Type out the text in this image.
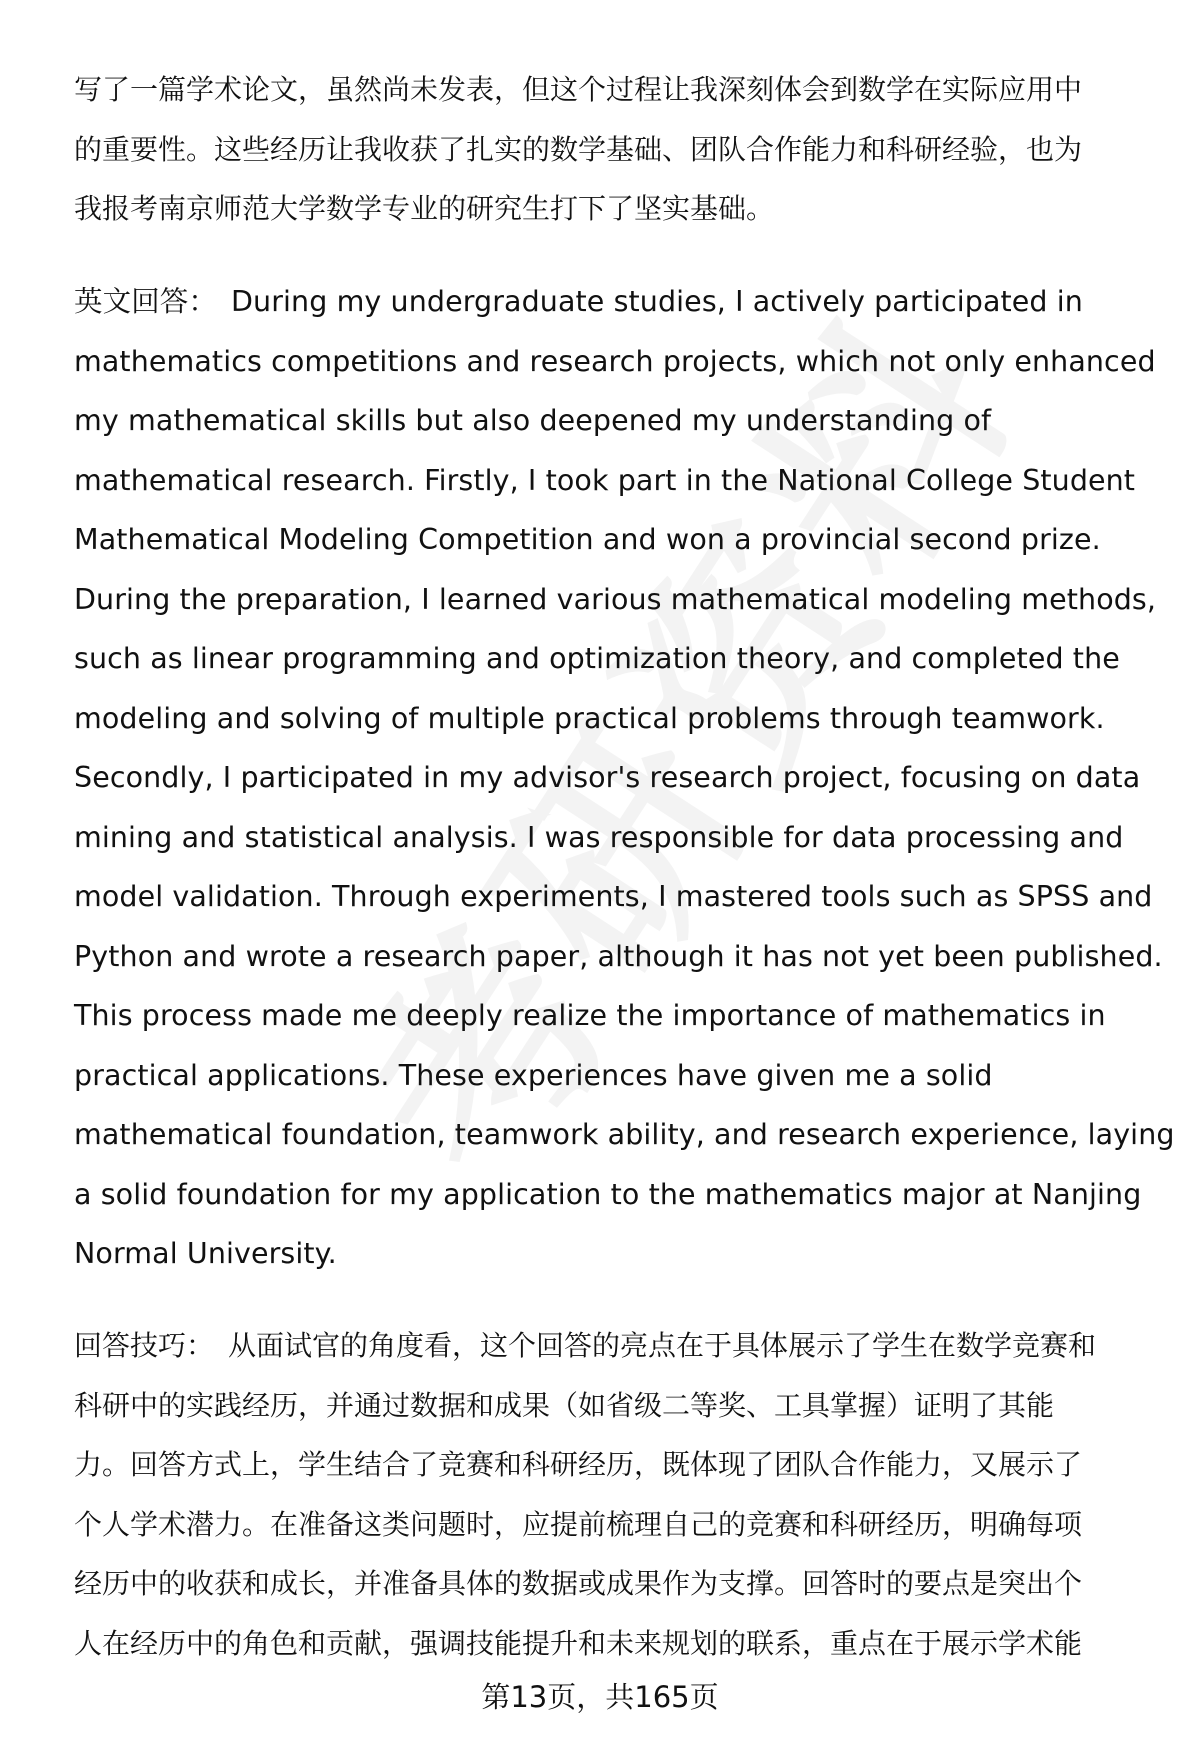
写了一篇学术论文，虽然尚未发表，但这个过程让我深刻体会到数学在实际应用中
的重要性。这些经历让我收获了扎实的数学基础、团队合作能力和科研经验，也为
我报考南京师范大学数学专业的研究生打下了坚实基础。
英文回答： During my undergraduate studies, I actively participated in
mathematics competitions and research projects, which not only enhanced
my mathematical skills but also deepened my understanding of
mathematical research. Firstly, I took part in the National College Student
Mathematical Modeling Competition and won a provincial second prize.
During the preparation, I learned various mathematical modeling methods,
such as linear programming and optimization theory, and completed the
modeling and solving of multiple practical problems through teamwork.
Secondly, I participated in my advisor's research project, focusing on data
mining and statistical analysis. I was responsible for data processing and
model validation. Through experiments, I mastered tools such as SPSS and
Python and wrote a research paper, although it has not yet been published.
This process made me deeply realize the importance of mathematics in
practical applications. These experiences have given me a solid
mathematical foundation, teamwork ability, and research experience, laying
a solid foundation for my application to the mathematics major at Nanjing
Normal University.
回答技巧： 从面试官的角度看，这个回答的亮点在于具体展示了学生在数学竞赛和
科研中的实践经历，并通过数据和成果（如省级二等奖、工具掌握）证明了其能
力。回答方式上，学生结合了竞赛和科研经历，既体现了团队合作能力，又展示了
个人学术潜力。在准备这类问题时，应提前梳理自己的竞赛和科研经历，明确每项
经历中的收获和成长，并准备具体的数据或成果作为支撑。回答时的要点是突出个
人在经历中的角色和贡献，强调技能提升和未来规划的联系，重点在于展示学术能
第13页，共165页
